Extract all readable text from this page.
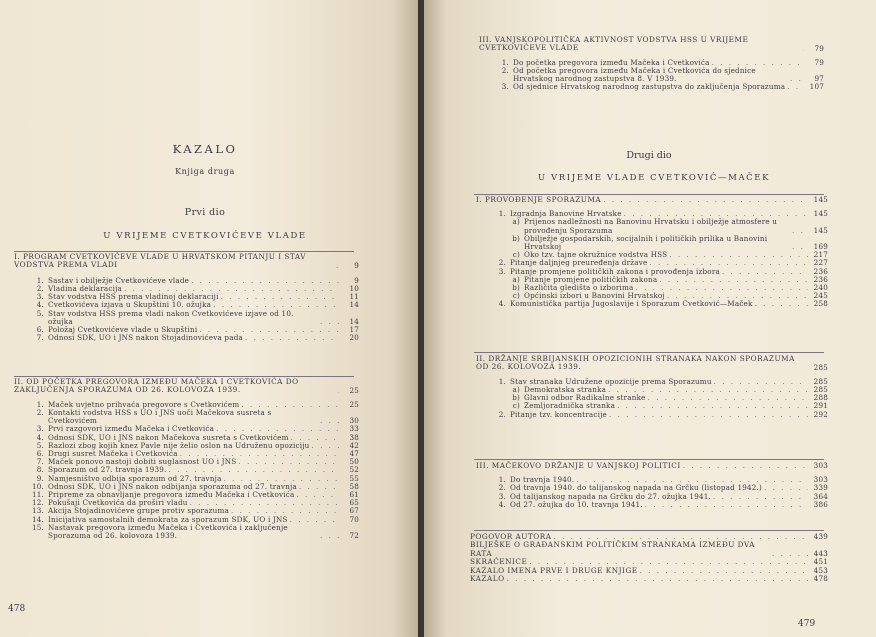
KAZALO
Knjiga druga
Prvi dio
U VRIJEME CVETKOVIĆEVE VLADE
I. PROGRAM CVETKOVIĆEVE VLADE U HRVATSKOM PITANJU I STAV VODSTVA PREMA VLADI . . .	9
1. Sastav i obilježje Cvetkovićeve vlade . . .	9
2. Vladina deklaracija . . .	10
3. Stav vodstva HSS prema vladinoj deklaraciji . . .	11
4. Cvetkovićeva izjava u Skupštini 10. ožujka . . .	14
5. Stav vodstva HSS prema vladi nakon Cvetkovićeve izjave od 10. ožujka . . .	14
6. Položaj Cvetkovićeve vlade u Skupštini . . .	17
7. Odnosi SDK, UO i JNS nakon Stojadinovićeva pada . . .	20
II. OD POČETKA PREGOVORA IZMEĐU MAČEKA I CVETKOVIĆA DO ZAKLJUČENJA SPORAZUMA OD 26. KOLOVOZA 1939. . . .	25
1. Maček uvjetno prihvaća pregovore s Cvetkovićem . . .	25
2. Kontakti vodstva HSS s UO i JNS uoči Mačekova susreta s Cvetkovićem . . .	30
3. Prvi razgovori između Mačeka i Cvetkovića . . .	33
4. Odnosi SDK, UO i JNS nakon Mačekova susreta s Cvetkovićem . . .	38
5. Razlozi zbog kojih knez Pavle nije želio oslon na Udruženu opoziciju . . .	42
6. Drugi susret Mačeka i Cvetkovića . . .	47
7. Maček ponovo nastoji dobiti suglasnost UO i JNS . . .	50
8. Sporazum od 27. travnja 1939. . . .	52
9. Namjesništvo odbija sporazum od 27. travnja . . .	55
10. Odnosi SDK, UO i JNS nakon odbijanja sporazuma od 27. travnja . . .	58
11. Pripreme za obnavljanje pregovora između Mačeka i Cvetkovića . . .	61
12. Pokušaji Cvetkovića da proširi vladu . . .	65
13. Akcija Stojadinovićeve grupe protiv sporazuma . . .	67
14. Inicijativa samostalnih demokrata za sporazum SDK, UO i JNS . . .	70
15. Nastavak pregovora između Mačeka i Cvetkovića i zaključenje Sporazuma od 26. kolovoza 1939. . . .	72
478
III. VANJSKOPOLITIČKA AKTIVNOST VODSTVA HSS U VRIJEME CVETKOVIĆEVE VLADE . . .	79
1. Do početka pregovora između Mačeka i Cvetkovića . . .	79
2. Od početka pregovora između Mačeka i Cvetkovića do sjednice Hrvatskog narodnog zastupstva 8. V 1939. . . .	97
3. Od sjednice Hrvatskog narodnog zastupstva do zaključenja Sporazuma . . .	107
Drugi dio
U VRIJEME VLADE CVETKOVIĆ—MAČEK
I. PROVOĐENJE SPORAZUMA . . .	145
1. Izgradnja Banovine Hrvatske . . .	145
a) Prijenos nadležnosti na Banovinu Hrvatsku i obilježje atmosfere u provođenju Sporazuma . . .	145
b) Obilježje gospodarskih, socijalnih i političkih prilika u Banovini Hrvatskoj . . .	169
c) Oko tzv. tajne okružnice vodstva HSS . . .	217
2. Pitanje daljnjeg preuređenja države . . .	227
3. Pitanje promjene političkih zakona i provođenja izbora . . .	236
a) Pitanje promjene političkih zakona . . .	236
b) Različita gledišta o izborima . . .	240
c) Općinski izbori u Banovini Hrvatskoj . . .	245
4. Komunistička partija Jugoslavije i Sporazum Cvetković—Maček . . .	258
II. DRŽANJE SRBIJANSKIH OPOZICIONIH STRANAKA NAKON SPORAZUMA OD 26. KOLOVOZA 1939.	285
1. Stav stranaka Udružene opozicije prema Sporazumu . . .	285
a) Demokratska stranka . . .	285
b) Glavni odbor Radikalne stranke . . .	288
c) Zemljoradnička stranka . . .	291
2. Pitanje tzv. koncentracije . . .	292
III. MAČEKOVO DRŽANJE U VANJSKOJ POLITICI . . .	303
1. Do travnja 1940. . . .	303
2. Od travnja 1940. do talijanskog napada na Grčku (listopad 1942.) . . .	339
3. Od talijanskog napada na Grčku do 27. ožujka 1941. . . .	364
4. Od 27. ožujka do 10. travnja 1941. . . .	386
POGOVOR AUTORA . . .	439
BILJEŠKE O GRAĐANSKIM POLITIČKIM STRANKAMA IZMEĐU DVA RATA . . .	443
SKRAĆENICE . . .	451
KAZALO IMENA PRVE I DRUGE KNJIGE . . .	453
KAZALO . . .	478
479
